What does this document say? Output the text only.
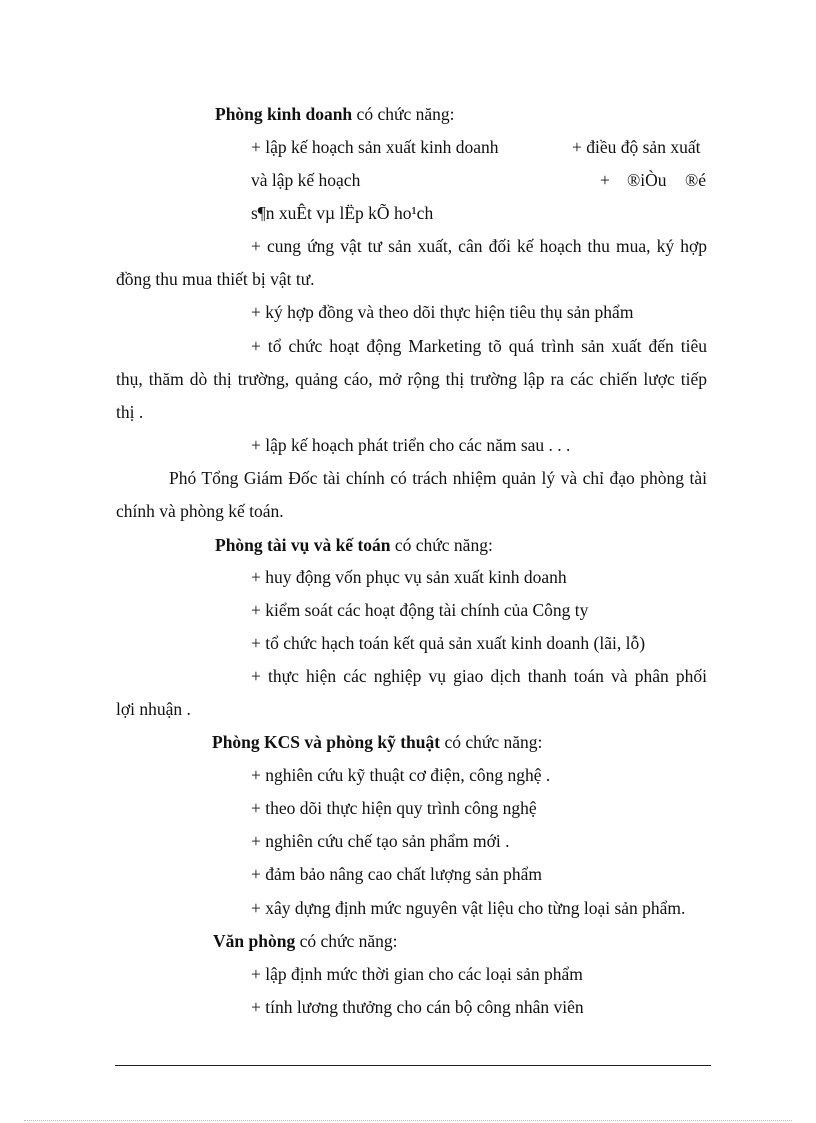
Phòng kinh doanh có chức năng:
+ lập kế hoạch sản xuất kinh doanh	+ điều độ sản xuất
và lập kế hoạch	+ ®iÒu ®é
s¶n xuÊt vµ lËp kÕ ho¹ch
+ cung ứng vật tư sản xuất, cân đối kế hoạch thu mua, ký hợp
đồng thu mua thiết bị vật tư.
+ ký hợp đồng và theo dõi thực hiện tiêu thụ sản phẩm
+ tổ chức hoạt động Marketing tõ quá trình sản xuất đến tiêu
thụ, thăm dò thị trường, quảng cáo, mở rộng thị trường lập ra các chiến lược tiếp
thị .
+ lập kế hoạch phát triển cho các năm sau . . .
Phó Tổng Giám Đốc tài chính có trách nhiệm quản lý và chỉ đạo phòng tài
chính và phòng kế toán.
Phòng tài vụ và kế toán có chức năng:
+ huy động vốn phục vụ sản xuất kinh doanh
+ kiểm soát các hoạt động tài chính của Công ty
+ tổ chức hạch toán kết quả sản xuất kinh doanh (lãi, lỗ)
+ thực hiện các nghiệp vụ giao dịch thanh toán và phân phối
lợi nhuận .
Phòng KCS và phòng kỹ thuật có chức năng:
+ nghiên cứu kỹ thuật cơ điện, công nghệ .
+ theo dõi thực hiện quy trình công nghệ
+ nghiên cứu chế tạo sản phẩm mới .
+ đảm bảo nâng cao chất lượng sản phẩm
+ xây dựng định mức nguyên vật liệu cho từng loại sản phẩm.
Văn phòng có chức năng:
+ lập định mức thời gian cho các loại sản phẩm
+ tính lương thưởng cho cán bộ công nhân viên
